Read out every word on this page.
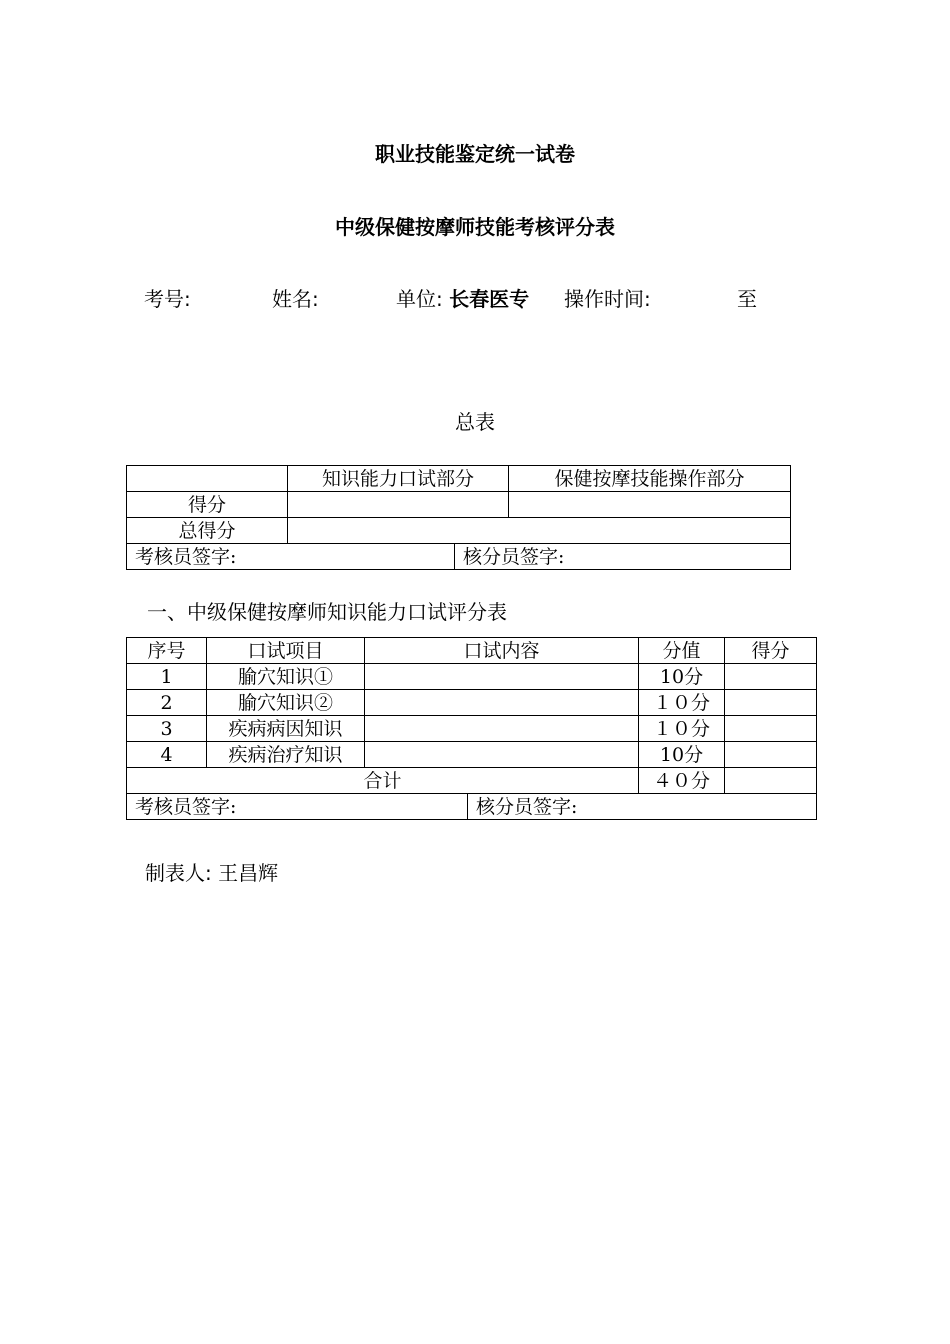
职业技能鉴定统一试卷
中级保健按摩师技能考核评分表
考号:	姓名:	单位: 长春医专 操作时间:	至
总表
	知识能力口试部分		保健按摩技能操作部分
得分			
总得分			
考核员签字:		核分员签字:	
一、中级保健按摩师知识能力口试评分表
序号	口试项目	口试内容		分值	得分
1	腧穴知识①			10分	
2	腧穴知识②			１０分	
3	疾病病因知识			１０分	
4	疾病治疗知识			10分	
合计				４０分	
考核员签字:			核分员签字:		
制表人: 王昌辉
